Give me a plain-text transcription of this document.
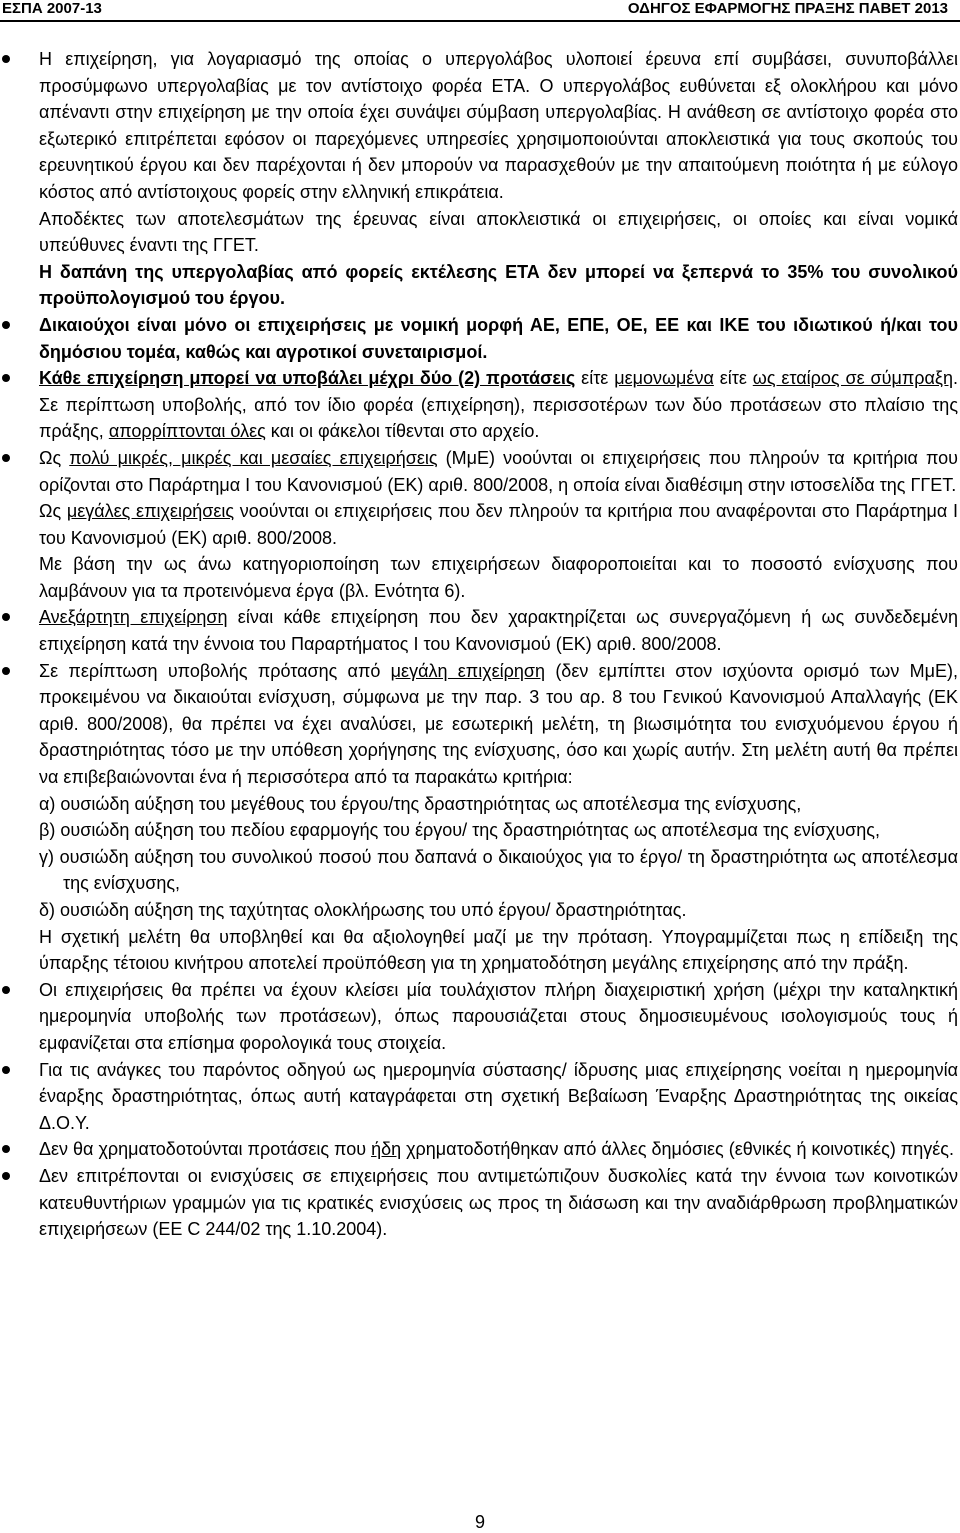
ΕΣΠΑ 2007-13	ΟΔΗΓΟΣ ΕΦΑΡΜΟΓΗΣ ΠΡΑΞΗΣ ΠΑΒΕΤ 2013

Η επιχείρηση, για λογαριασμό της οποίας ο υπεργολάβος υλοποιεί έρευνα επί συμβάσει, συνυποβάλλει προσύμφωνο υπεργολαβίας με τον αντίστοιχο φορέα ΕΤΑ. Ο υπεργολάβος ευθύνεται εξ ολοκλήρου και μόνο απέναντι στην επιχείρηση με την οποία έχει συνάψει σύμβαση υπεργολαβίας. Η ανάθεση σε αντίστοιχο φορέα στο εξωτερικό επιτρέπεται εφόσον οι παρεχόμενες υπηρεσίες χρησιμοποιούνται αποκλειστικά για τους σκοπούς του ερευνητικού έργου και δεν παρέχονται ή δεν μπορούν να παρασχεθούν με την απαιτούμενη ποιότητα ή με εύλογο κόστος από αντίστοιχους φορείς στην ελληνική επικράτεια.

Αποδέκτες των αποτελεσμάτων της έρευνας είναι αποκλειστικά οι επιχειρήσεις, οι οποίες και είναι νομικά υπεύθυνες έναντι της ΓΓΕΤ.

Η δαπάνη της υπεργολαβίας από φορείς εκτέλεσης ΕΤΑ δεν μπορεί να ξεπερνά το 35% του συνολικού προϋπολογισμού του έργου.

Δικαιούχοι είναι μόνο οι επιχειρήσεις με νομική μορφή ΑΕ, ΕΠΕ, ΟΕ, ΕΕ και ΙΚΕ του ιδιωτικού ή/και του δημόσιου τομέα, καθώς και αγροτικοί συνεταιρισμοί.

Κάθε επιχείρηση μπορεί να υποβάλει μέχρι δύο (2) προτάσεις είτε μεμονωμένα είτε ως εταίρος σε σύμπραξη. Σε περίπτωση υποβολής, από τον ίδιο φορέα (επιχείρηση), περισσοτέρων των δύο προτάσεων στο πλαίσιο της πράξης, απορρίπτονται όλες και οι φάκελοι τίθενται στο αρχείο.

Ως πολύ μικρές, μικρές και μεσαίες επιχειρήσεις (ΜμΕ) νοούνται οι επιχειρήσεις που πληρούν τα κριτήρια που ορίζονται στο Παράρτημα Ι του Κανονισμού (ΕΚ) αριθ. 800/2008, η οποία είναι διαθέσιμη στην ιστοσελίδα της ΓΓΕΤ.

Ως μεγάλες επιχειρήσεις νοούνται οι επιχειρήσεις που δεν πληρούν τα κριτήρια που αναφέρονται στο Παράρτημα Ι του Κανονισμού (ΕΚ) αριθ. 800/2008.

Με βάση την ως άνω κατηγοριοποίηση των επιχειρήσεων διαφοροποιείται και το ποσοστό ενίσχυσης που λαμβάνουν για τα προτεινόμενα έργα (βλ. Ενότητα 6).

Ανεξάρτητη επιχείρηση είναι κάθε επιχείρηση που δεν χαρακτηρίζεται ως συνεργαζόμενη ή ως συνδεδεμένη επιχείρηση κατά την έννοια του Παραρτήματος Ι του Κανονισμού (ΕΚ) αριθ. 800/2008.

Σε περίπτωση υποβολής πρότασης από μεγάλη επιχείρηση (δεν εμπίπτει στον ισχύοντα ορισμό των ΜμΕ), προκειμένου να δικαιούται ενίσχυση, σύμφωνα με την παρ. 3 του αρ. 8 του Γενικού Κανονισμού Απαλλαγής (ΕΚ αριθ. 800/2008), θα πρέπει να έχει αναλύσει, με εσωτερική μελέτη, τη βιωσιμότητα του ενισχυόμενου έργου ή δραστηριότητας τόσο με την υπόθεση χορήγησης της ενίσχυσης, όσο και χωρίς αυτήν. Στη μελέτη αυτή θα πρέπει να επιβεβαιώνονται ένα ή περισσότερα από τα παρακάτω κριτήρια:

α) ουσιώδη αύξηση του μεγέθους του έργου/της δραστηριότητας ως αποτέλεσμα της ενίσχυσης,

β) ουσιώδη αύξηση του πεδίου εφαρμογής του έργου/ της δραστηριότητας ως αποτέλεσμα της ενίσχυσης,

γ) ουσιώδη αύξηση του συνολικού ποσού που δαπανά ο δικαιούχος για το έργο/ τη δραστηριότητα ως αποτέλεσμα της ενίσχυσης,

δ) ουσιώδη αύξηση της ταχύτητας ολοκλήρωσης του υπό έργου/ δραστηριότητας.

Η σχετική μελέτη θα υποβληθεί και θα αξιολογηθεί μαζί με την πρόταση. Υπογραμμίζεται πως η επίδειξη της ύπαρξης τέτοιου κινήτρου αποτελεί προϋπόθεση για τη χρηματοδότηση μεγάλης επιχείρησης από την πράξη.

Οι επιχειρήσεις θα πρέπει να έχουν κλείσει μία τουλάχιστον πλήρη διαχειριστική χρήση (μέχρι την καταληκτική ημερομηνία υποβολής των προτάσεων), όπως παρουσιάζεται στους δημοσιευμένους ισολογισμούς τους ή εμφανίζεται στα επίσημα φορολογικά τους στοιχεία.

Για τις ανάγκες του παρόντος οδηγού ως ημερομηνία σύστασης/ ίδρυσης μιας επιχείρησης νοείται η ημερομηνία έναρξης δραστηριότητας, όπως αυτή καταγράφεται στη σχετική Βεβαίωση Έναρξης Δραστηριότητας της οικείας Δ.Ο.Υ.

Δεν θα χρηματοδοτούνται προτάσεις που ήδη χρηματοδοτήθηκαν από άλλες δημόσιες (εθνικές ή κοινοτικές) πηγές.

Δεν επιτρέπονται οι ενισχύσεις σε επιχειρήσεις που αντιμετώπιζουν δυσκολίες κατά την έννοια των κοινοτικών κατευθυντήριων γραμμών για τις κρατικές ενισχύσεις ως προς τη διάσωση και την αναδιάρθρωση προβληματικών επιχειρήσεων (ΕΕ C 244/02 της 1.10.2004).

9
